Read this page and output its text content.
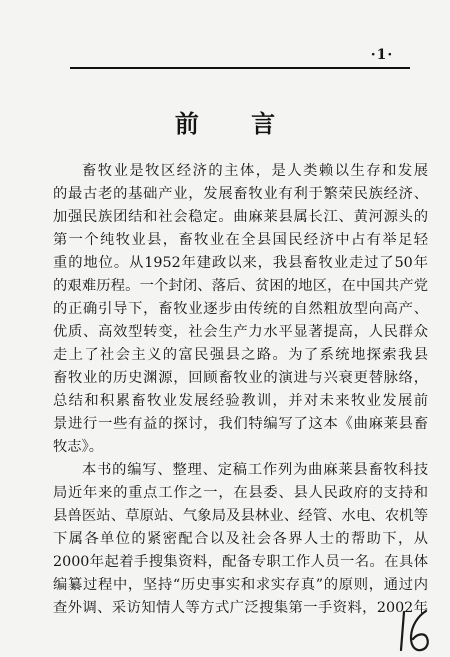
·1·
前 言
畜牧业是牧区经济的主体，是人类赖以生存和发展
的最古老的基础产业，发展畜牧业有利于繁荣民族经济、
加强民族团结和社会稳定。曲麻莱县属长江、黄河源头的
第一个纯牧业县，畜牧业在全县国民经济中占有举足轻
重的地位。从1952年建政以来，我县畜牧业走过了50年
的艰难历程。一个封闭、落后、贫困的地区，在中国共产党
的正确引导下，畜牧业逐步由传统的自然粗放型向高产、
优质、高效型转变，社会生产力水平显著提高，人民群众
走上了社会主义的富民强县之路。为了系统地探索我县
畜牧业的历史渊源，回顾畜牧业的演进与兴衰更替脉络，
总结和积累畜牧业发展经验教训，并对未来牧业发展前
景进行一些有益的探讨，我们特编写了这本《曲麻莱县畜
牧志》。
本书的编写、整理、定稿工作列为曲麻莱县畜牧科技
局近年来的重点工作之一，在县委、县人民政府的支持和
县兽医站、草原站、气象局及县林业、经管、水电、农机等
下属各单位的紧密配合以及社会各界人士的帮助下，从
2000年起着手搜集资料，配备专职工作人员一名。在具体
编纂过程中，坚持“历史事实和求实存真”的原则，通过内
查外调、采访知情人等方式广泛搜集第一手资料，2002年
